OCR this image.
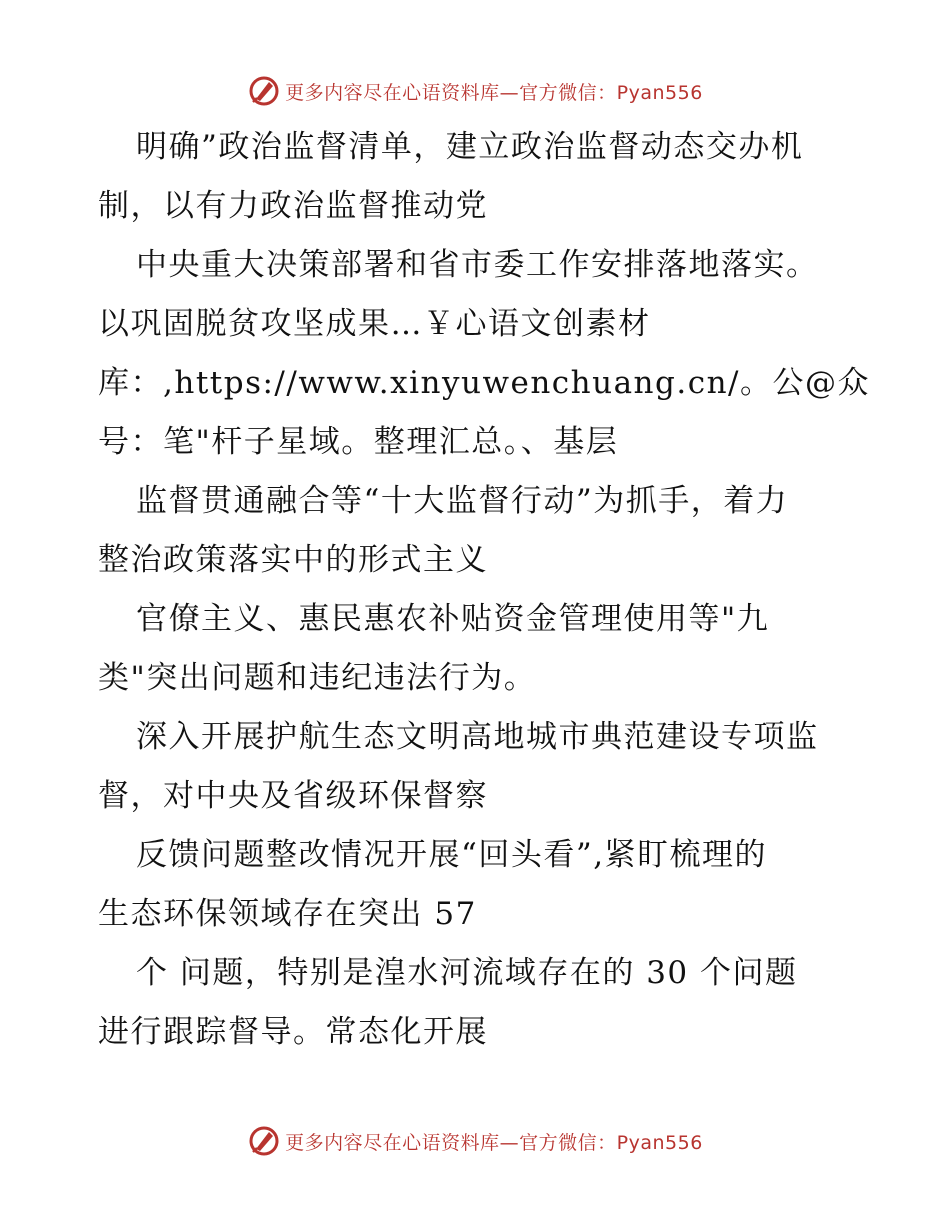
更多内容尽在心语资料库—官方微信：Pyan556
明确”政治监督清单，建立政治监督动态交办机
制，以有力政治监督推动党
中央重大决策部署和省市委工作安排落地落实。
以巩固脱贫攻坚成果…￥心语文创素材
库：,https://www.xinyuwenchuang.cn/。公@众
号：笔"杆子星域。整理汇总。、基层
监督贯通融合等“十大监督行动”为抓手，着力
整治政策落实中的形式主义
官僚主义、惠民惠农补贴资金管理使用等"九
类"突出问题和违纪违法行为。
深入开展护航生态文明高地城市典范建设专项监
督，对中央及省级环保督察
反馈问题整改情况开展“回头看”,紧盯梳理的
生态环保领域存在突出 57
个 问题，特别是湟水河流域存在的 30 个问题
进行跟踪督导。常态化开展
更多内容尽在心语资料库—官方微信：Pyan556
